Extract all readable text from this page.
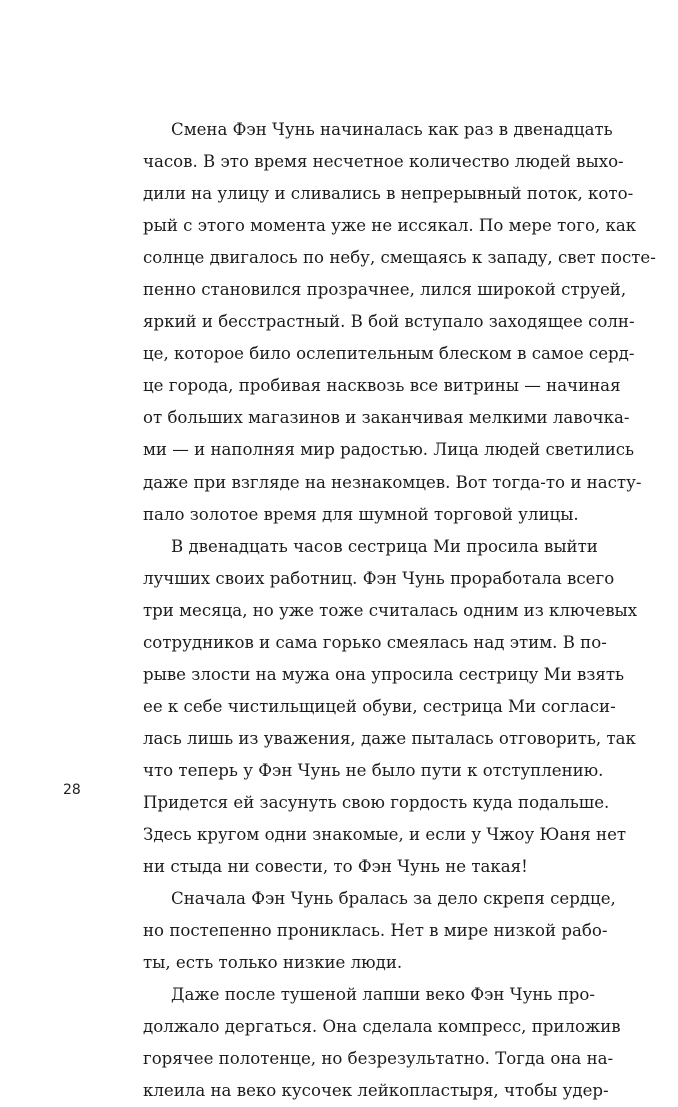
Смена Фэн Чунь начиналась как раз в двенадцать
часов. В это время несчетное количество людей выхо-
дили на улицу и сливались в непрерывный поток, кото-
рый с этого момента уже не иссякал. По мере того, как
солнце двигалось по небу, смещаясь к западу, свет посте-
пенно становился прозрачнее, лился широкой струей,
яркий и бесстрастный. В бой вступало заходящее солн-
це, которое било ослепительным блеском в самое серд-
це города, пробивая насквозь все витрины — начиная
от больших магазинов и заканчивая мелкими лавочка-
ми — и наполняя мир радостью. Лица людей светились
даже при взгляде на незнакомцев. Вот тогда-то и насту-
пало золотое время для шумной торговой улицы.
В двенадцать часов сестрица Ми просила выйти
лучших своих работниц. Фэн Чунь проработала всего
три месяца, но уже тоже считалась одним из ключевых
сотрудников и сама горько смеялась над этим. В по-
рыве злости на мужа она упросила сестрицу Ми взять
ее к себе чистильщицей обуви, сестрица Ми согласи-
лась лишь из уважения, даже пыталась отговорить, так
что теперь у Фэн Чунь не было пути к отступлению.
Придется ей засунуть свою гордость куда подальше.
Здесь кругом одни знакомые, и если у Чжоу Юаня нет
ни стыда ни совести, то Фэн Чунь не такая!
Сначала Фэн Чунь бралась за дело скрепя сердце,
но постепенно прониклась. Нет в мире низкой рабо-
ты, есть только низкие люди.
Даже после тушеной лапши веко Фэн Чунь про-
должало дергаться. Она сделала компресс, приложив
горячее полотенце, но безрезультатно. Тогда она на-
клеила на веко кусочек лейкопластыря, чтобы удер-
28
